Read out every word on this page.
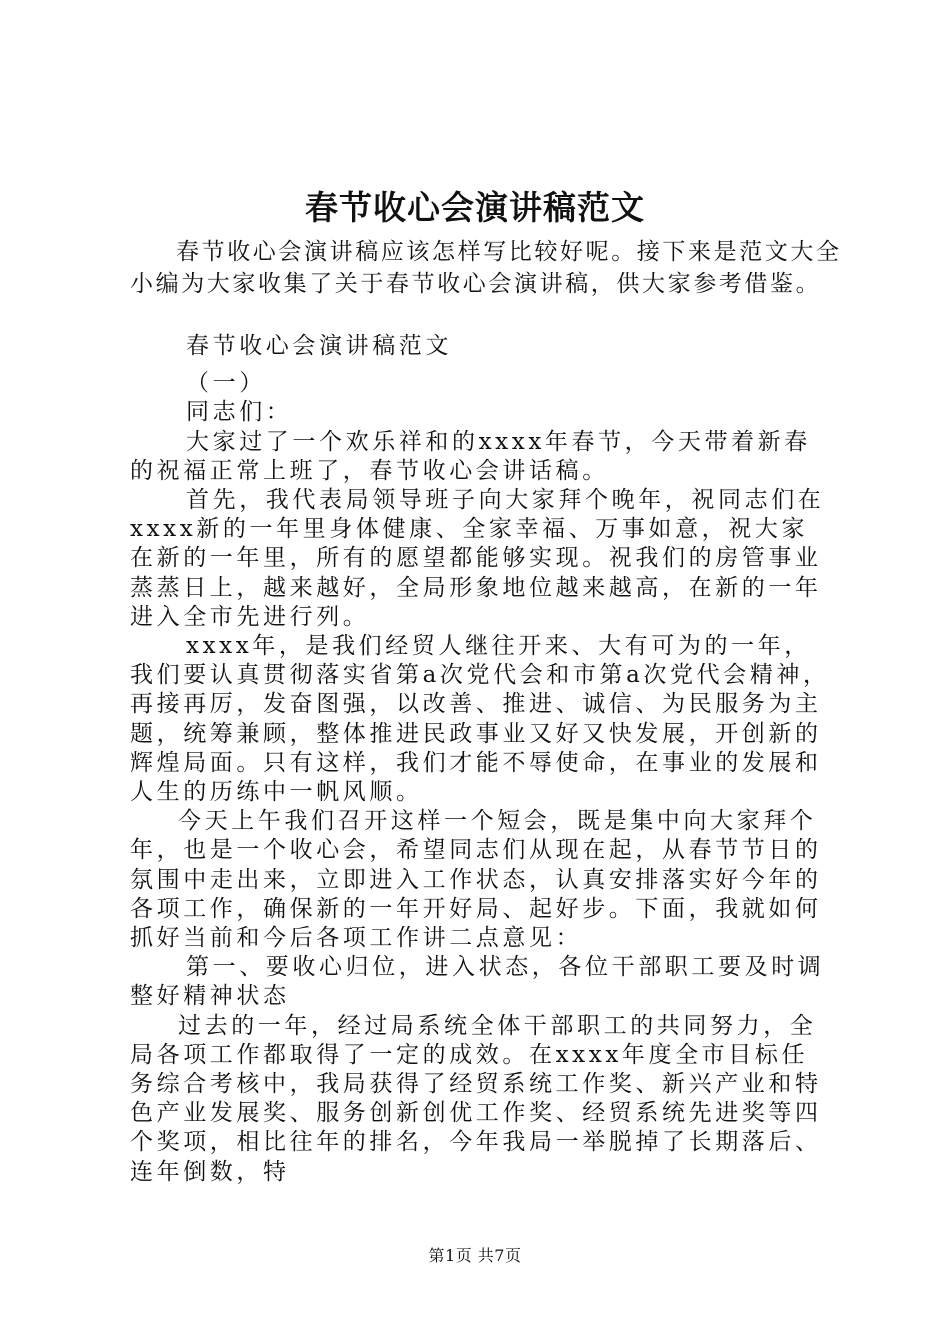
春节收心会演讲稿范文

春节收心会演讲稿应该怎样写比较好呢。接下来是范文大全小编为大家收集了关于春节收心会演讲稿，供大家参考借鉴。

春节收心会演讲稿范文

（一）

同志们：

大家过了一个欢乐祥和的xxxx年春节，今天带着新春的祝福正常上班了，春节收心会讲话稿。

首先，我代表局领导班子向大家拜个晚年，祝同志们在xxxx新的一年里身体健康、全家幸福、万事如意，祝大家在新的一年里，所有的愿望都能够实现。祝我们的房管事业蒸蒸日上，越来越好，全局形象地位越来越高，在新的一年进入全市先进行列。

xxxx年，是我们经贸人继往开来、大有可为的一年，我们要认真贯彻落实省第a次党代会和市第a次党代会精神，再接再厉，发奋图强，以改善、推进、诚信、为民服务为主题，统筹兼顾，整体推进民政事业又好又快发展，开创新的辉煌局面。只有这样，我们才能不辱使命，在事业的发展和人生的历练中一帆风顺。

今天上午我们召开这样一个短会，既是集中向大家拜个年，也是一个收心会，希望同志们从现在起，从春节节日的氛围中走出来，立即进入工作状态，认真安排落实好今年的各项工作，确保新的一年开好局、起好步。下面，我就如何抓好当前和今后各项工作讲二点意见：

第一、要收心归位，进入状态，各位干部职工要及时调整好精神状态

过去的一年，经过局系统全体干部职工的共同努力，全局各项工作都取得了一定的成效。在xxxx年度全市目标任务综合考核中，我局获得了经贸系统工作奖、新兴产业和特色产业发展奖、服务创新创优工作奖、经贸系统先进奖等四个奖项，相比往年的排名，今年我局一举脱掉了长期落后、连年倒数，特

第1页 共7页
